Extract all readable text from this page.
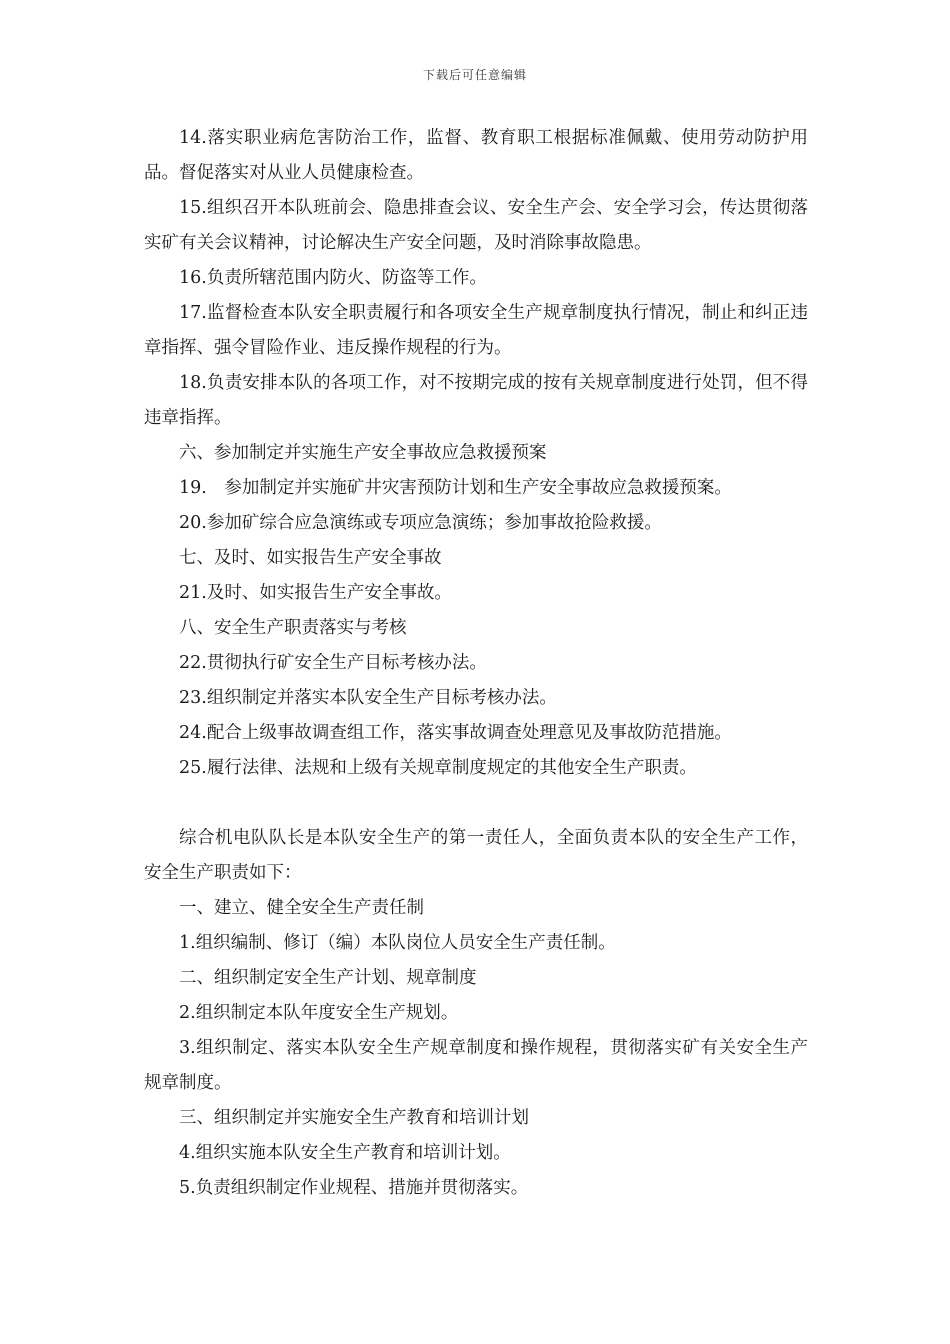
下载后可任意编辑

14.落实职业病危害防治工作，监督、教育职工根据标准佩戴、使用劳动防护用品。督促落实对从业人员健康检查。

15.组织召开本队班前会、隐患排查会议、安全生产会、安全学习会，传达贯彻落实矿有关会议精神，讨论解决生产安全问题，及时消除事故隐患。

16.负责所辖范围内防火、防盗等工作。

17.监督检查本队安全职责履行和各项安全生产规章制度执行情况，制止和纠正违章指挥、强令冒险作业、违反操作规程的行为。

18.负责安排本队的各项工作，对不按期完成的按有关规章制度进行处罚，但不得违章指挥。

六、参加制定并实施生产安全事故应急救援预案

19.　参加制定并实施矿井灾害预防计划和生产安全事故应急救援预案。

20.参加矿综合应急演练或专项应急演练；参加事故抢险救援。

七、及时、如实报告生产安全事故

21.及时、如实报告生产安全事故。

八、安全生产职责落实与考核

22.贯彻执行矿安全生产目标考核办法。

23.组织制定并落实本队安全生产目标考核办法。

24.配合上级事故调查组工作，落实事故调查处理意见及事故防范措施。

25.履行法律、法规和上级有关规章制度规定的其他安全生产职责。

综合机电队队长是本队安全生产的第一责任人，全面负责本队的安全生产工作，安全生产职责如下：

一、建立、健全安全生产责任制

1.组织编制、修订（编）本队岗位人员安全生产责任制。

二、组织制定安全生产计划、规章制度

2.组织制定本队年度安全生产规划。

3.组织制定、落实本队安全生产规章制度和操作规程，贯彻落实矿有关安全生产规章制度。

三、组织制定并实施安全生产教育和培训计划

4.组织实施本队安全生产教育和培训计划。

5.负责组织制定作业规程、措施并贯彻落实。
